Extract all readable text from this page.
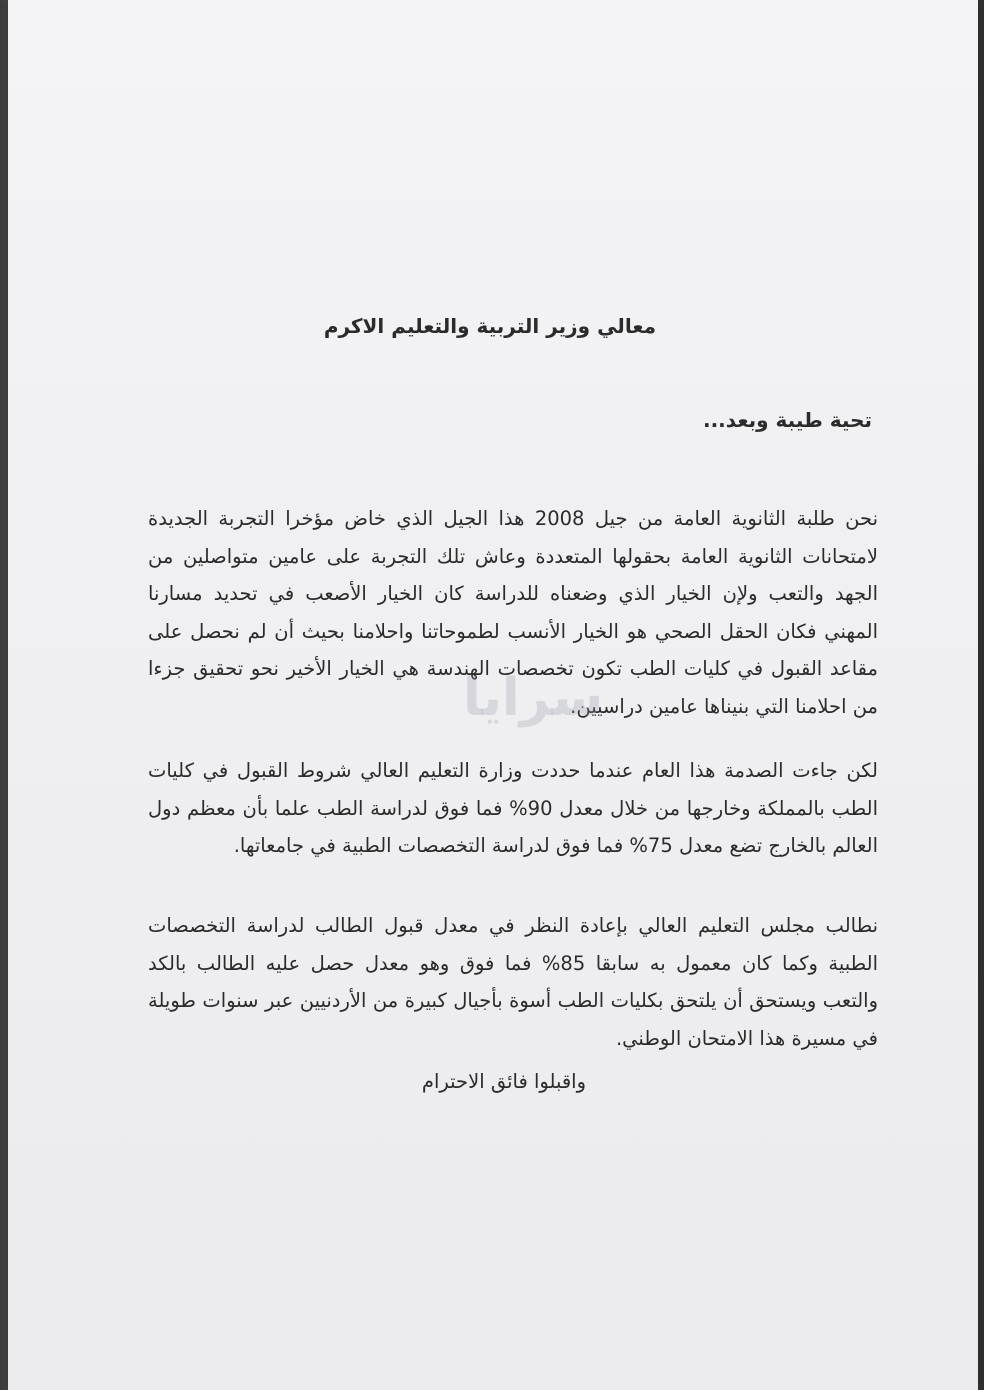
معالي وزير التربية والتعليم الاكرم
تحية طيبة وبعد...
نحن طلبة الثانوية العامة من جيل 2008 هذا الجيل الذي خاض مؤخرا التجربة الجديدة لامتحانات الثانوية العامة بحقولها المتعددة وعاش تلك التجربة على عامين متواصلين من الجهد والتعب ولإن الخيار الذي وضعناه للدراسة كان الخيار الأصعب في تحديد مسارنا المهني فكان الحقل الصحي هو الخيار الأنسب لطموحاتنا واحلامنا بحيث أن لم نحصل على مقاعد القبول في كليات الطب تكون تخصصات الهندسة هي الخيار الأخير نحو تحقيق جزءا من احلامنا التي بنيناها عامين دراسيين.
لكن جاءت الصدمة هذا العام عندما حددت وزارة التعليم العالي شروط القبول في كليات الطب بالمملكة وخارجها من خلال معدل 90% فما فوق لدراسة الطب علما بأن معظم دول العالم بالخارج تضع معدل 75% فما فوق لدراسة التخصصات الطبية في جامعاتها.
نطالب مجلس التعليم العالي بإعادة النظر في معدل قبول الطالب لدراسة التخصصات الطبية وكما كان معمول به سابقا 85% فما فوق وهو معدل حصل عليه الطالب بالكد والتعب ويستحق أن يلتحق بكليات الطب أسوة بأجيال كبيرة من الأردنيين عبر سنوات طويلة في مسيرة هذا الامتحان الوطني.
واقبلوا فائق الاحترام
سرايا
